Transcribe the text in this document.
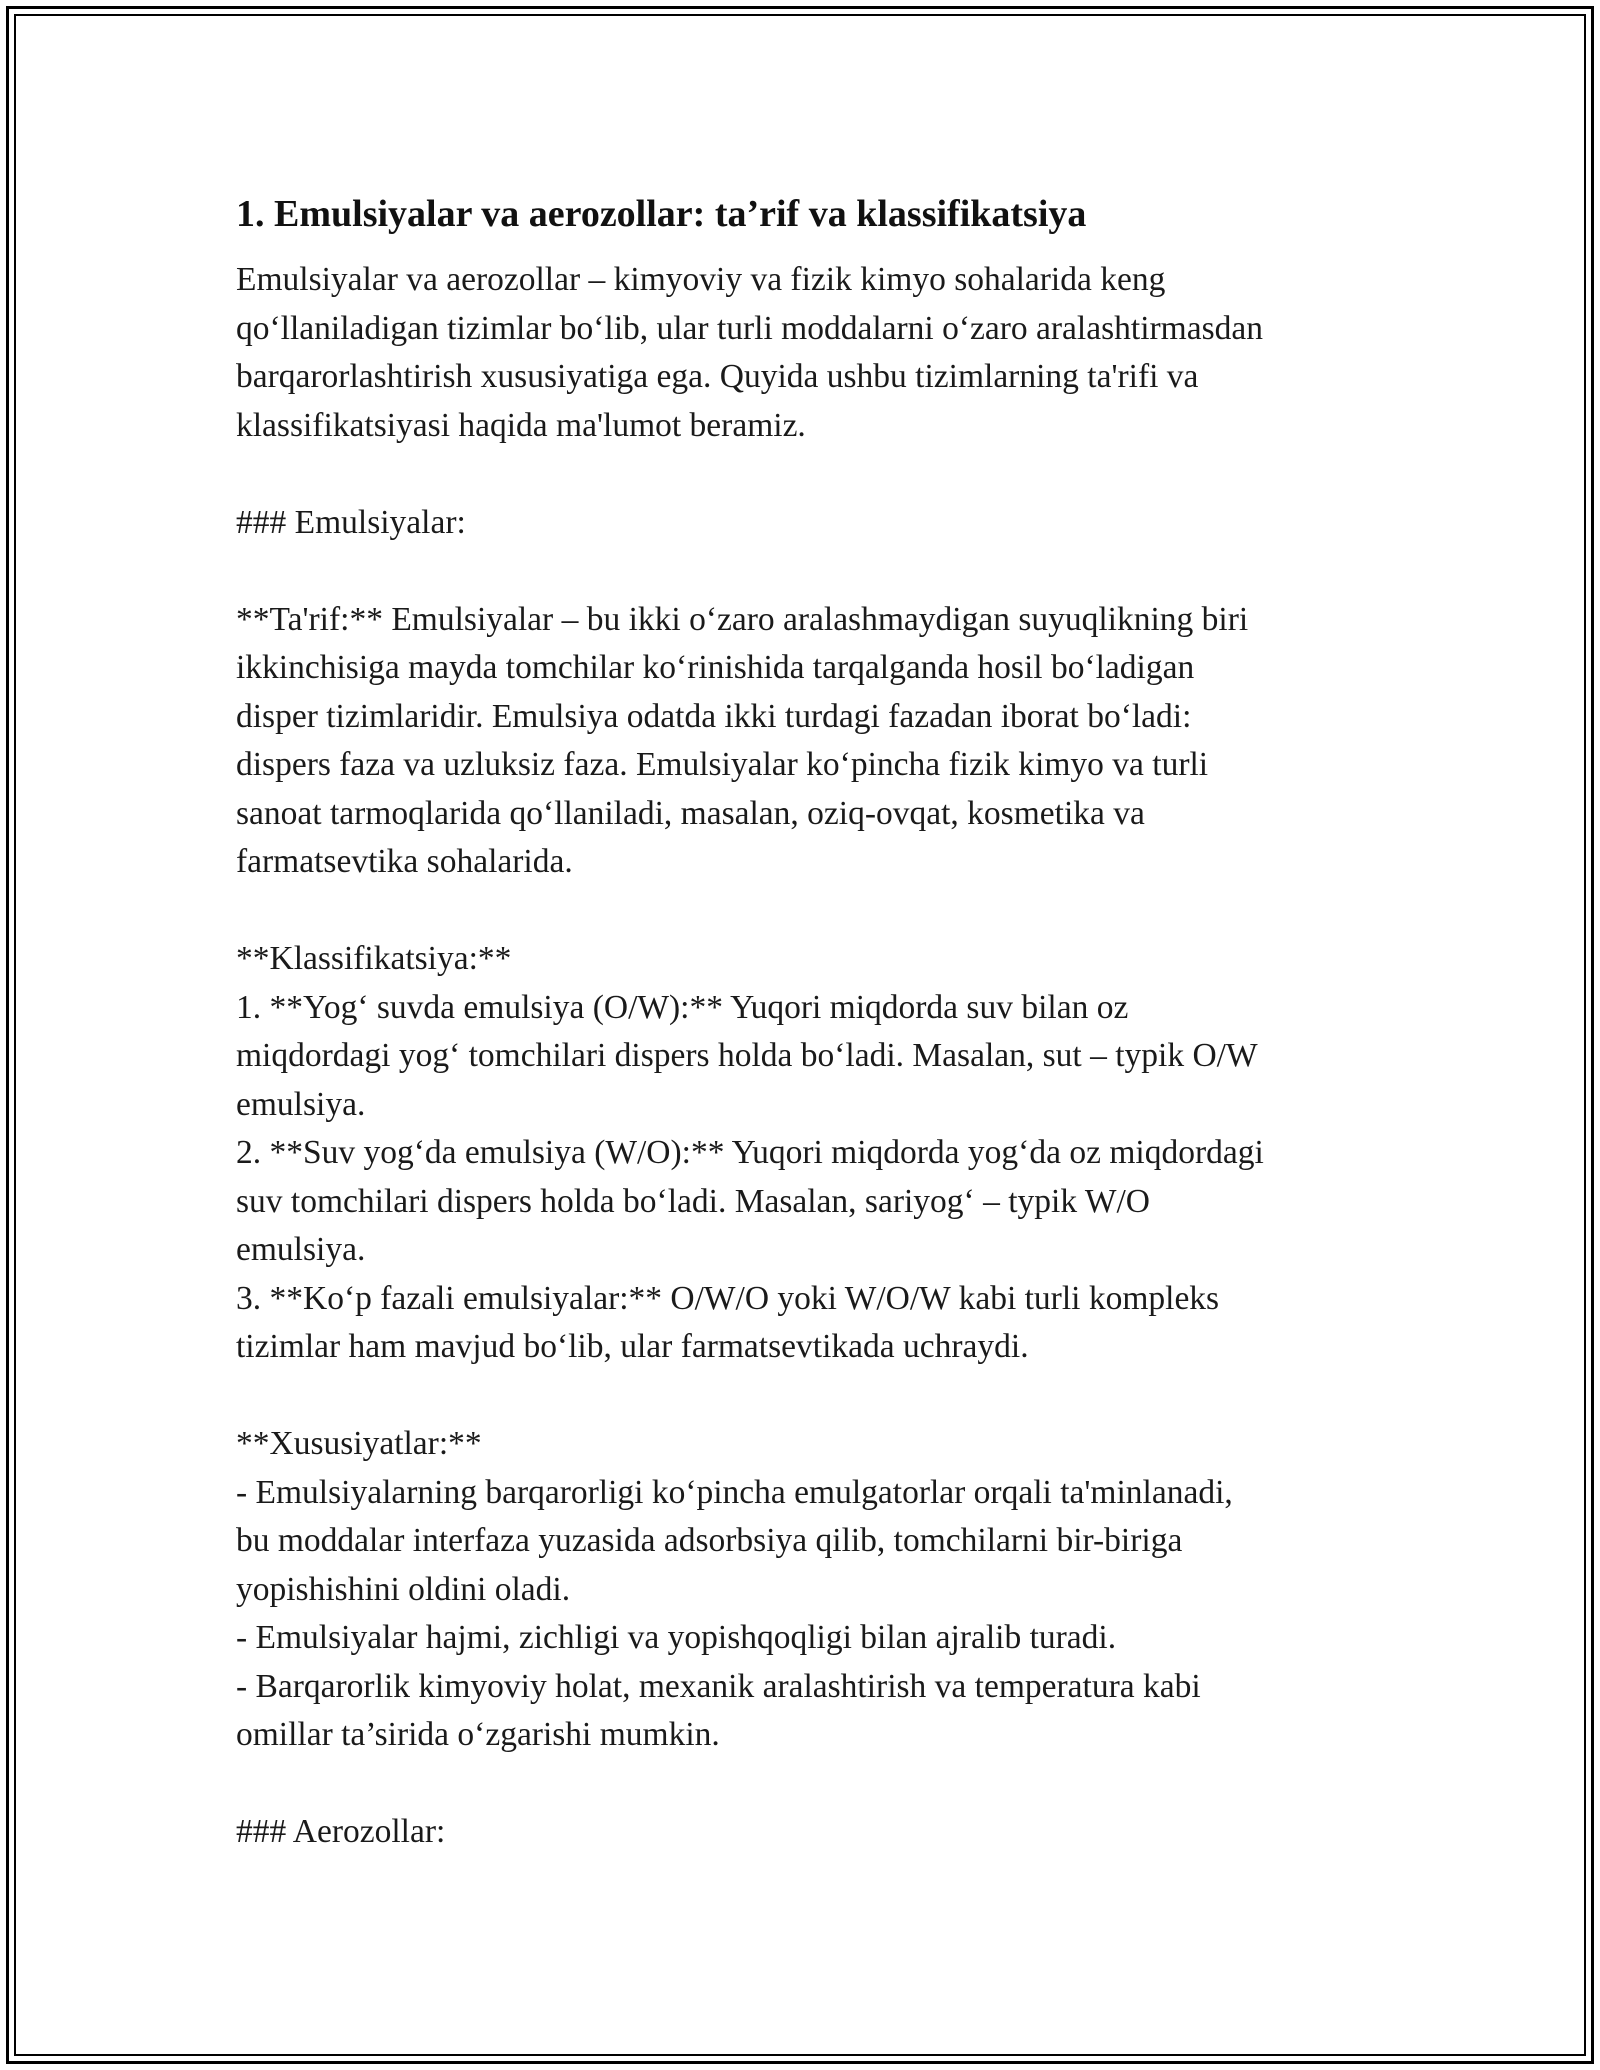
1. Emulsiyalar va aerozollar: ta’rif va klassifikatsiya
Emulsiyalar va aerozollar – kimyoviy va fizik kimyo sohalarida keng
qo‘llaniladigan tizimlar bo‘lib, ular turli moddalarni o‘zaro aralashtirmasdan
barqarorlashtirish xususiyatiga ega. Quyida ushbu tizimlarning ta'rifi va
klassifikatsiyasi haqida ma'lumot beramiz.
### Emulsiyalar:
**Ta'rif:** Emulsiyalar – bu ikki o‘zaro aralashmaydigan suyuqlikning biri
ikkinchisiga mayda tomchilar ko‘rinishida tarqalganda hosil bo‘ladigan
disper tizimlaridir. Emulsiya odatda ikki turdagi fazadan iborat bo‘ladi:
dispers faza va uzluksiz faza. Emulsiyalar ko‘pincha fizik kimyo va turli
sanoat tarmoqlarida qo‘llaniladi, masalan, oziq-ovqat, kosmetika va
farmatsevtika sohalarida.
**Klassifikatsiya:**
1. **Yog‘ suvda emulsiya (O/W):** Yuqori miqdorda suv bilan oz
miqdordagi yog‘ tomchilari dispers holda bo‘ladi. Masalan, sut – typik O/W
emulsiya.
2. **Suv yog‘da emulsiya (W/O):** Yuqori miqdorda yog‘da oz miqdordagi
suv tomchilari dispers holda bo‘ladi. Masalan, sariyog‘ – typik W/O
emulsiya.
3. **Ko‘p fazali emulsiyalar:** O/W/O yoki W/O/W kabi turli kompleks
tizimlar ham mavjud bo‘lib, ular farmatsevtikada uchraydi.
**Xususiyatlar:**
- Emulsiyalarning barqarorligi ko‘pincha emulgatorlar orqali ta'minlanadi,
bu moddalar interfaza yuzasida adsorbsiya qilib, tomchilarni bir-biriga
yopishishini oldini oladi.
- Emulsiyalar hajmi, zichligi va yopishqoqligi bilan ajralib turadi.
- Barqarorlik kimyoviy holat, mexanik aralashtirish va temperatura kabi
omillar ta’sirida o‘zgarishi mumkin.
### Aerozollar:
